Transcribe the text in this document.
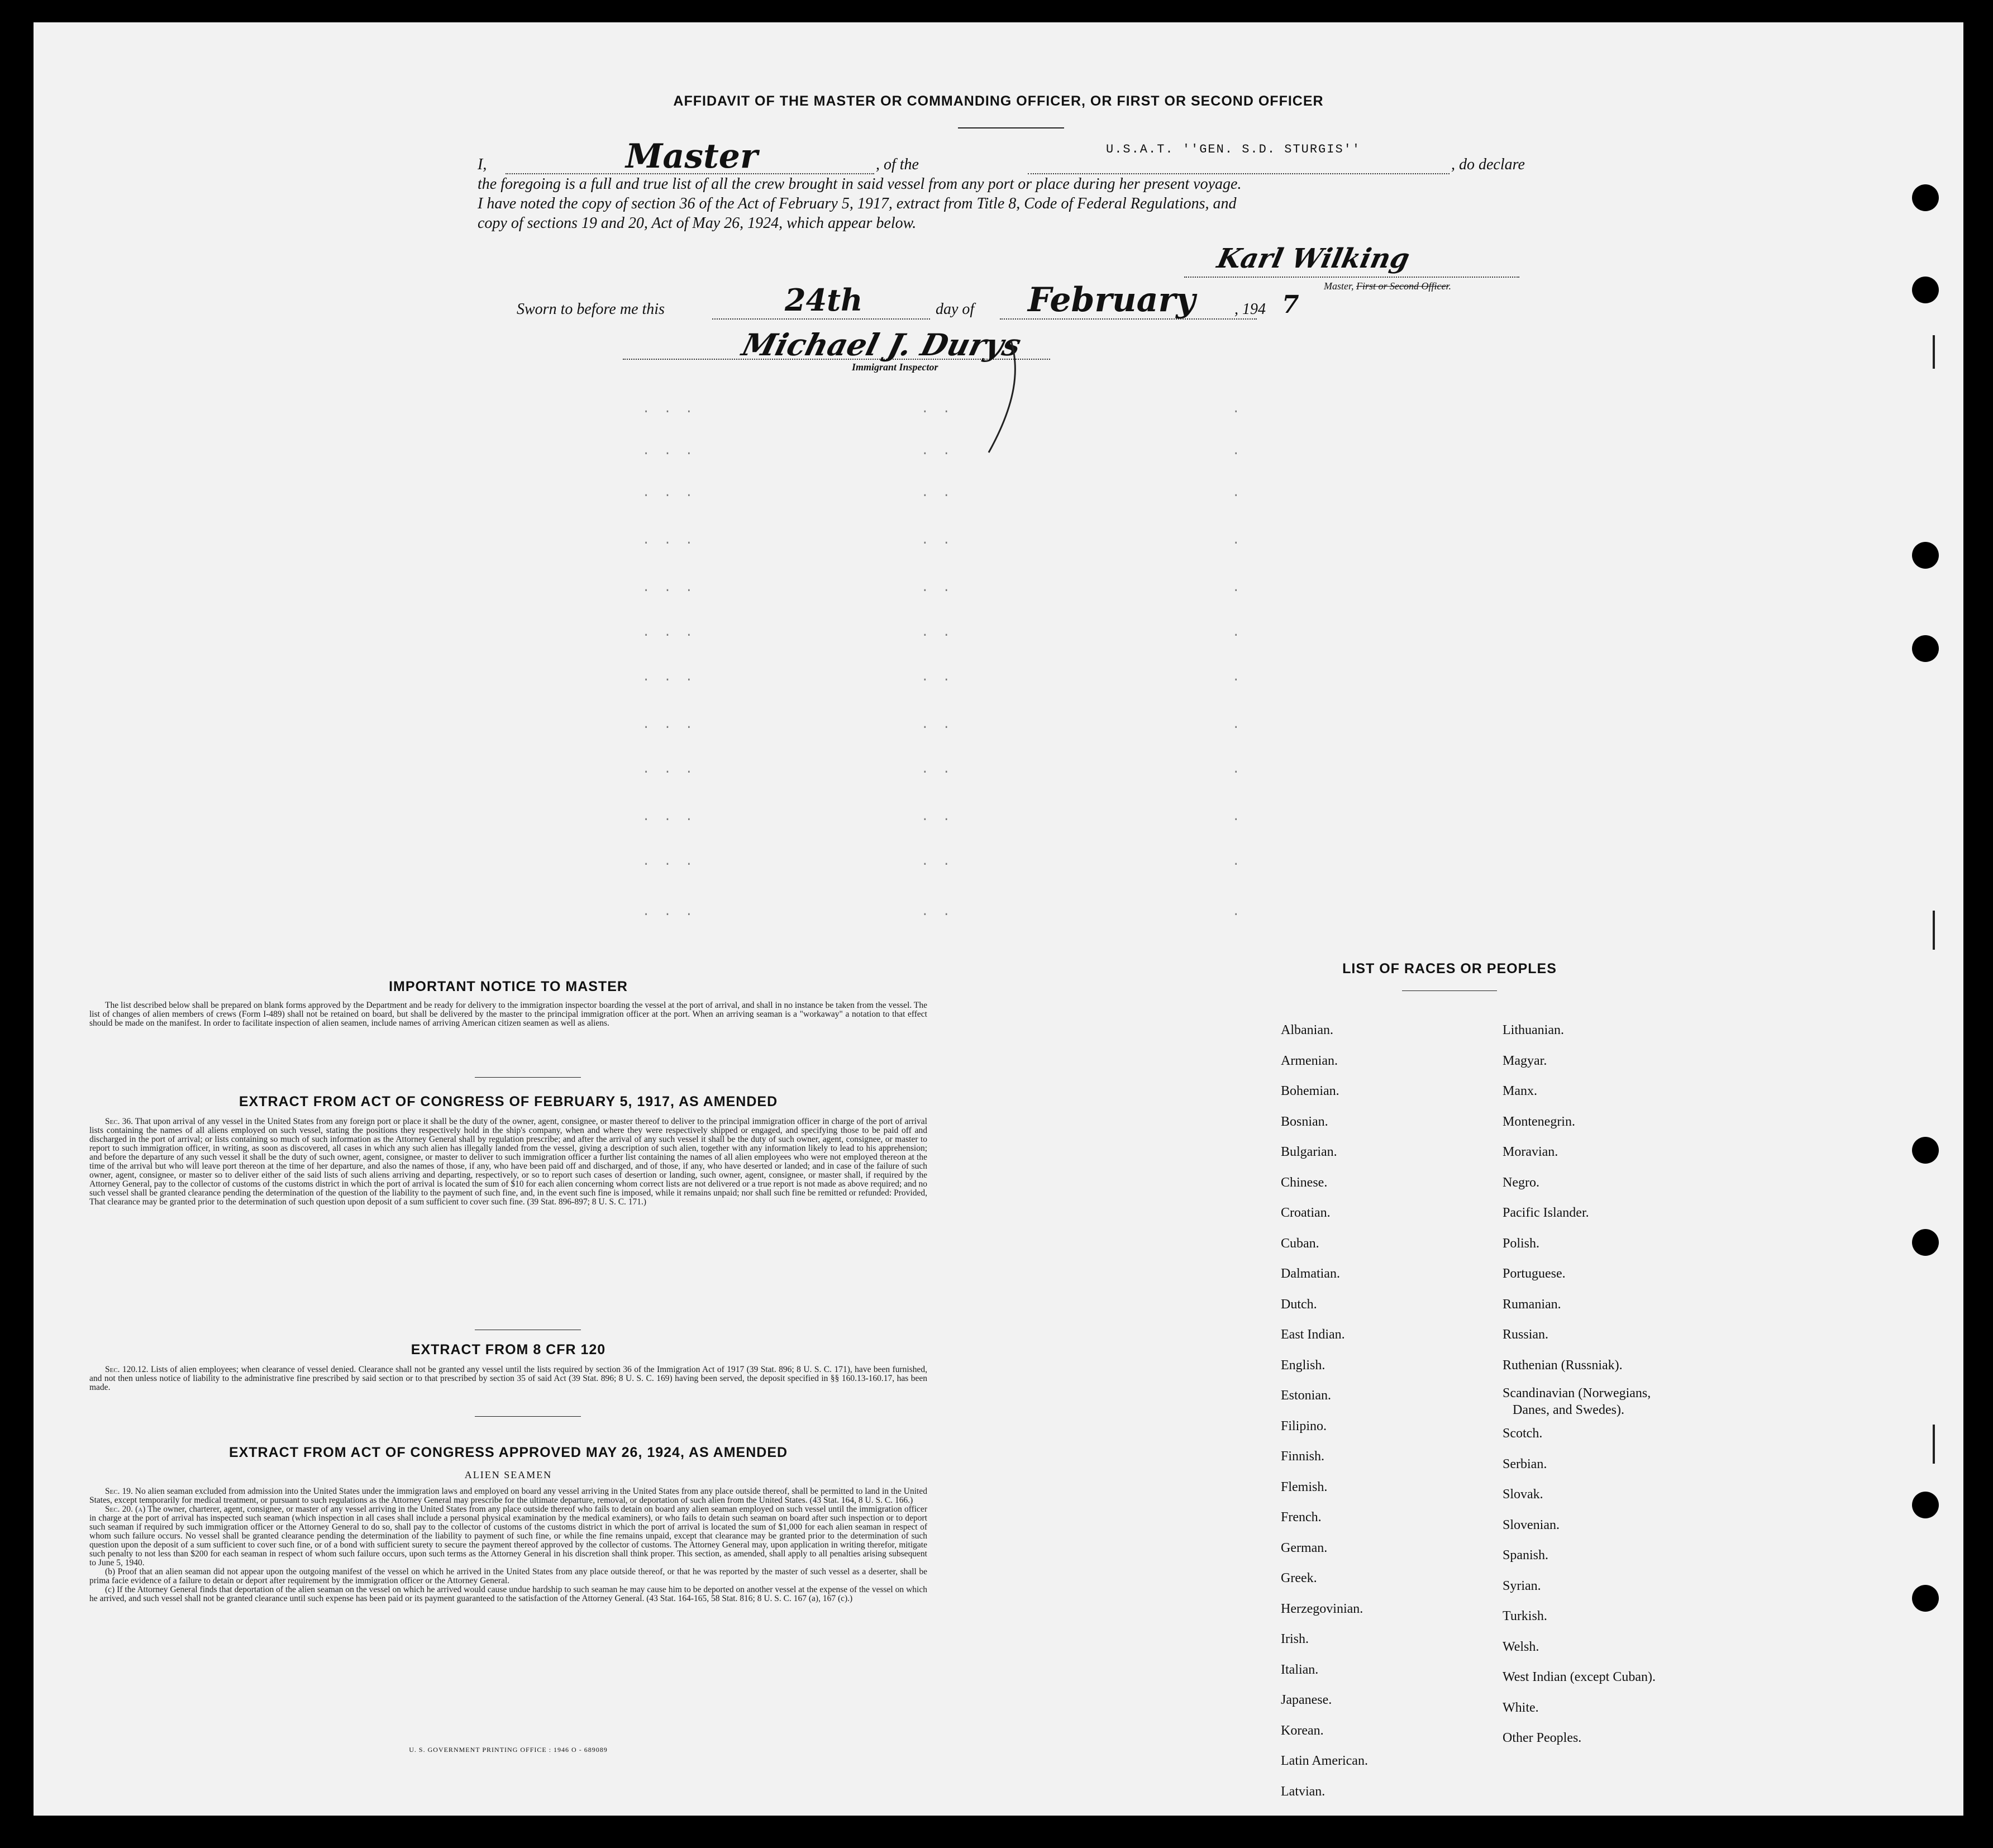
AFFIDAVIT OF THE MASTER OR COMMANDING OFFICER, OR FIRST OR SECOND OFFICER
I,	Master	, of the
U.S.A.T. ''GEN. S.D. STURGIS''
, do declare
the foregoing is a full and true list of all the crew brought in said vessel from any port or place during her present voyage.
I have noted the copy of section 36 of the Act of February 5, 1917, extract from Title 8, Code of Federal Regulations, and
copy of sections 19 and 20, Act of May 26, 1924, which appear below.
Karl Wilking
Master, First or Second Officer.
Sworn to before me this	24th	day of February , 194 7
Michael J. Durys
Immigrant Inspector
. . .                     . .                          .
. . .                     . .                          .
. . .                     . .                          .
. . .                     . .                          .
. . .                     . .                          .
. . .                     . .                          .
. . .                     . .                          .
. . .                     . .                          .
. . .                     . .                          .
. . .                     . .                          .
. . .                     . .                          .
. . .                     . .                          .
IMPORTANT NOTICE TO MASTER

The list described below shall be prepared on blank forms approved by the Department and be ready for delivery to the immigration inspector boarding the vessel at the port of arrival, and shall in no instance be taken from the vessel. The list of changes of alien members of crews (Form I-489) shall not be retained on board, but shall be delivered by the master to the principal immigration officer at the port. When an arriving seaman is a "workaway" a notation to that effect should be made on the manifest. In order to facilitate inspection of alien seamen, include names of arriving American citizen seamen as well as aliens.

EXTRACT FROM ACT OF CONGRESS OF FEBRUARY 5, 1917, AS AMENDED

Sec. 36. That upon arrival of any vessel in the United States from any foreign port or place it shall be the duty of the owner, agent, consignee, or master thereof to deliver to the principal immigration officer in charge of the port of arrival lists containing the names of all aliens employed on such vessel, stating the positions they respectively hold in the ship's company, when and where they were respectively shipped or engaged, and specifying those to be paid off and discharged in the port of arrival; or lists containing so much of such information as the Attorney General shall by regulation prescribe; and after the arrival of any such vessel it shall be the duty of such owner, agent, consignee, or master to report to such immigration officer, in writing, as soon as discovered, all cases in which any such alien has illegally landed from the vessel, giving a description of such alien, together with any information likely to lead to his apprehension; and before the departure of any such vessel it shall be the duty of such owner, agent, consignee, or master to deliver to such immigration officer a further list containing the names of all alien employees who were not employed thereon at the time of the arrival but who will leave port thereon at the time of her departure, and also the names of those, if any, who have been paid off and discharged, and of those, if any, who have deserted or landed; and in case of the failure of such owner, agent, consignee, or master so to deliver either of the said lists of such aliens arriving and departing, respectively, or so to report such cases of desertion or landing, such owner, agent, consignee, or master shall, if required by the Attorney General, pay to the collector of customs of the customs district in which the port of arrival is located the sum of $10 for each alien concerning whom correct lists are not delivered or a true report is not made as above required; and no such vessel shall be granted clearance pending the determination of the question of the liability to the payment of such fine, and, in the event such fine is imposed, while it remains unpaid; nor shall such fine be remitted or refunded: Provided, That clearance may be granted prior to the determination of such question upon deposit of a sum sufficient to cover such fine. (39 Stat. 896-897; 8 U. S. C. 171.)

EXTRACT FROM 8 CFR 120

Sec. 120.12. Lists of alien employees; when clearance of vessel denied. Clearance shall not be granted any vessel until the lists required by section 36 of the Immigration Act of 1917 (39 Stat. 896; 8 U. S. C. 171), have been furnished, and not then unless notice of liability to the administrative fine prescribed by said section or to that prescribed by section 35 of said Act (39 Stat. 896; 8 U. S. C. 169) having been served, the deposit specified in §§ 160.13-160.17, has been made.

EXTRACT FROM ACT OF CONGRESS APPROVED MAY 26, 1924, AS AMENDED
ALIEN SEAMEN

Sec. 19. No alien seaman excluded from admission into the United States under the immigration laws and employed on board any vessel arriving in the United States from any place outside thereof, shall be permitted to land in the United States, except temporarily for medical treatment, or pursuant to such regulations as the Attorney General may prescribe for the ultimate departure, removal, or deportation of such alien from the United States. (43 Stat. 164, 8 U. S. C. 166.)

Sec. 20. (a) The owner, charterer, agent, consignee, or master of any vessel arriving in the United States from any place outside thereof who fails to detain on board any alien seaman employed on such vessel until the immigration officer in charge at the port of arrival has inspected such seaman (which inspection in all cases shall include a personal physical examination by the medical examiners), or who fails to detain such seaman on board after such inspection or to deport such seaman if required by such immigration officer or the Attorney General to do so, shall pay to the collector of customs of the customs district in which the port of arrival is located the sum of $1,000 for each alien seaman in respect of whom such failure occurs. No vessel shall be granted clearance pending the determination of the liability to payment of such fine, or while the fine remains unpaid, except that clearance may be granted prior to the determination of such question upon the deposit of a sum sufficient to cover such fine, or of a bond with sufficient surety to secure the payment thereof approved by the collector of customs. The Attorney General may, upon application in writing therefor, mitigate such penalty to not less than $200 for each seaman in respect of whom such failure occurs, upon such terms as the Attorney General in his discretion shall think proper. This section, as amended, shall apply to all penalties arising subsequent to June 5, 1940.

(b) Proof that an alien seaman did not appear upon the outgoing manifest of the vessel on which he arrived in the United States from any place outside thereof, or that he was reported by the master of such vessel as a deserter, shall be prima facie evidence of a failure to detain or deport after requirement by the immigration officer or the Attorney General.

(c) If the Attorney General finds that deportation of the alien seaman on the vessel on which he arrived would cause undue hardship to such seaman he may cause him to be deported on another vessel at the expense of the vessel on which he arrived, and such vessel shall not be granted clearance until such expense has been paid or its payment guaranteed to the satisfaction of the Attorney General. (43 Stat. 164-165, 58 Stat. 816; 8 U. S. C. 167 (a), 167 (c).)

U. S. GOVERNMENT PRINTING OFFICE : 1946 O - 689089
LIST OF RACES OR PEOPLES
Albanian.
Armenian.
Bohemian.
Bosnian.
Bulgarian.
Chinese.
Croatian.
Cuban.
Dalmatian.
Dutch.
East Indian.
English.
Estonian.
Filipino.
Finnish.
Flemish.
French.
German.
Greek.
Herzegovinian.
Irish.
Italian.
Japanese.
Korean.
Latin American.
Latvian.
Lithuanian.
Magyar.
Manx.
Montenegrin.
Moravian.
Negro.
Pacific Islander.
Polish.
Portuguese.
Rumanian.
Russian.
Ruthenian (Russniak).
Scandinavian (Norwegians,
Danes, and Swedes).
Scotch.
Serbian.
Slovak.
Slovenian.
Spanish.
Syrian.
Turkish.
Welsh.
West Indian (except Cuban).
White.
Other Peoples.
